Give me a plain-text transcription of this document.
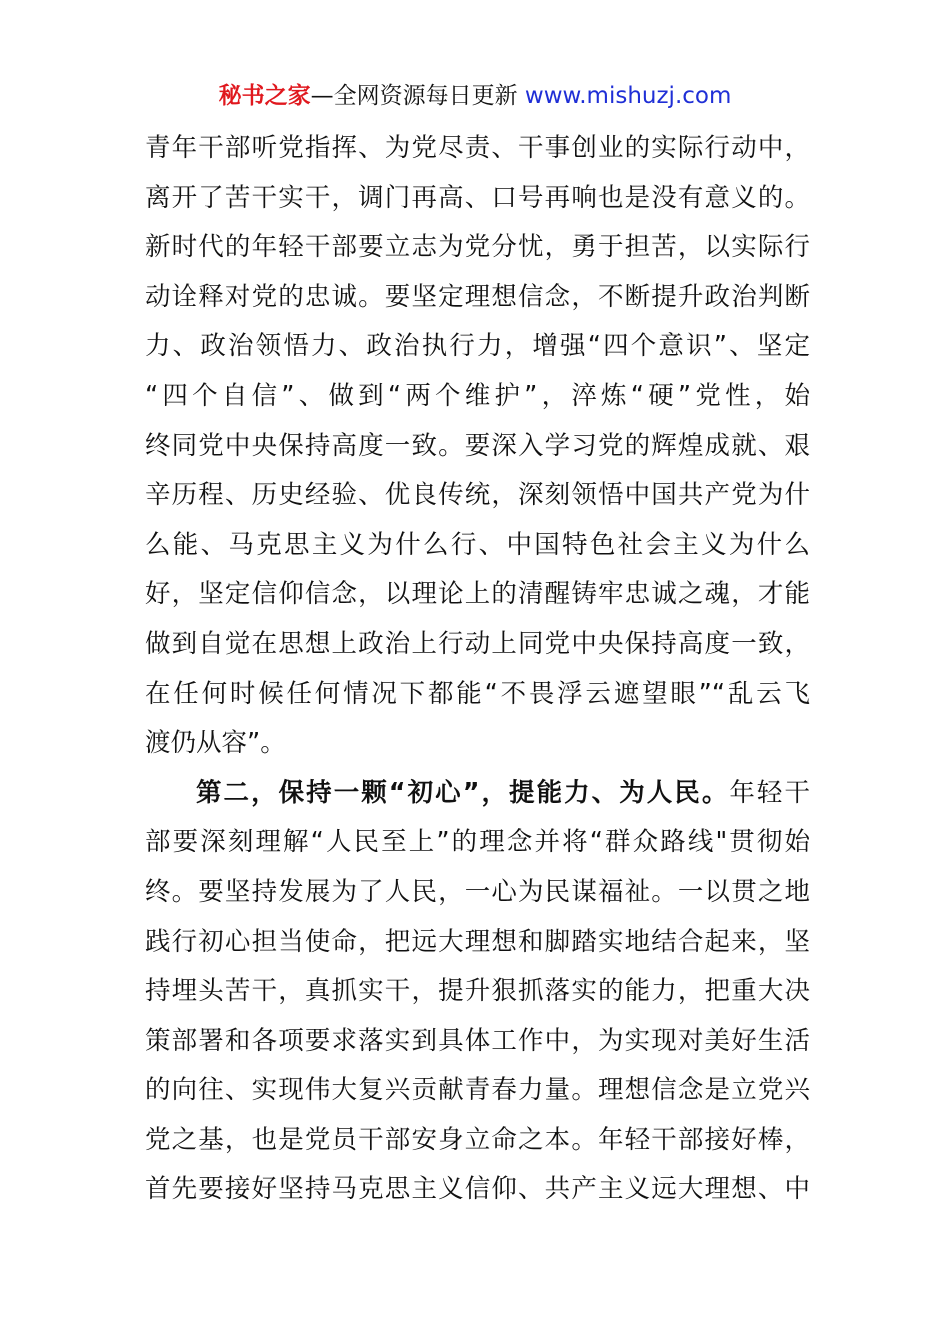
秘书之家—全网资源每日更新 www.mishuzj.com
青年干部听党指挥、为党尽责、干事创业的实际行动中，
离开了苦干实干，调门再高、口号再响也是没有意义的。
新时代的年轻干部要立志为党分忧，勇于担苦，以实际行
动诠释对党的忠诚。要坚定理想信念，不断提升政治判断
力、政治领悟力、政治执行力，增强“四个意识”、坚定
“四个自信”、做到“两个维护”，淬炼“硬”党性，始
终同党中央保持高度一致。要深入学习党的辉煌成就、艰
辛历程、历史经验、优良传统，深刻领悟中国共产党为什
么能、马克思主义为什么行、中国特色社会主义为什么
好，坚定信仰信念，以理论上的清醒铸牢忠诚之魂，才能
做到自觉在思想上政治上行动上同党中央保持高度一致，
在任何时候任何情况下都能“不畏浮云遮望眼”“乱云飞
渡仍从容”。
第二，保持一颗“初心”，提能力、为人民。年轻干
部要深刻理解“人民至上”的理念并将“群众路线"贯彻始
终。要坚持发展为了人民，一心为民谋福祉。一以贯之地
践行初心担当使命，把远大理想和脚踏实地结合起来，坚
持埋头苦干，真抓实干，提升狠抓落实的能力，把重大决
策部署和各项要求落实到具体工作中，为实现对美好生活
的向往、实现伟大复兴贡献青春力量。理想信念是立党兴
党之基，也是党员干部安身立命之本。年轻干部接好棒，
首先要接好坚持马克思主义信仰、共产主义远大理想、中
